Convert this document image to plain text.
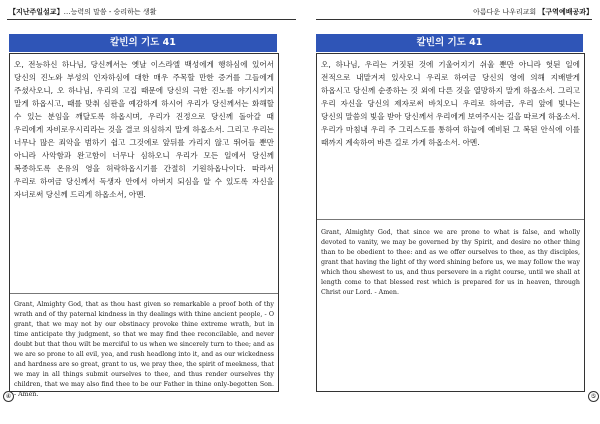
【지난주일설교】…능력의 말씀 - 승리하는 생활
칼빈의 기도 41
오, 전능하신 하나님, 당신께서는 옛날 이스라엘 백성에게 행하심에 있어서 당신의 진노와 부성의 인자하심에 대한 매우 주목할 만한 증거를 그들에게 주셨사오니, 오 하나님, 우리의 고집 때문에 당신의 극한 진노를 야기시키지 말게 하옵시고, 때를 맞춰 심판을 예감하게 하시어 우리가 당신께서는 화해할 수 있는 분임을 깨달도록 하옵시며, 우리가 진정으로 당신께 돌아갈 때 우리에게 자비로우시리라는 것을 결코 의심하지 말게 하옵소서. 그리고 우리는 너무나 많은 죄악을 범하기 쉽고 그것에로 앞뒤를 가리지 않고 뛰어들 뿐만 아니라 사악함과 완고함이 너무나 심하오니 우리가 모든 일에서 당신께 복종하도록 온유의 영을 허락하옵시기를 간절히 기원하옵나이다. 따라서 우리로 하여금 당신께서 독생자 안에서 아버지 되심을 알 수 있도록 자신을 자녀로써 당신께 드리게 하옵소서, 아멘.
Grant, Almighty God, that as thou hast given so remarkable a proof both of thy wrath and of thy paternal kindness in thy dealings with thine ancient people, - O grant, that we may not by our obstinacy provoke thine extreme wrath, but in time anticipate thy judgment, so that we may find thee reconcilable, and never doubt but that thou wilt be merciful to us when we sincerely turn to thee; and as we are so prone to all evil, yea, and rush headlong into it, and as our wickedness and hardness are so great, grant to us, we pray thee, the spirit of meekness, that we may in all things submit ourselves to thee, and thus render ourselves thy children, that we may also find thee to be our Father in thine only-begotten Son. - Amen.
④
아름다운 나우리교회 【구역예배공과】
칼빈의 기도 41
오, 하나님, 우리는 거짓된 것에 기울어지기 쉬울 뿐만 아니라 헛된 일에 전적으로 내맡겨져 있사오니 우리로 하여금 당신의 영에 의해 지배받게 하옵시고 당신께 순종하는 것 외에 다른 것을 열망하지 말게 하옵소서. 그리고 우리 자신을 당신의 제자로써 바치오니 우리로 하여금, 우리 앞에 빛나는 당신의 말씀의 빛을 받아 당신께서 우리에게 보여주시는 길을 따르게 하옵소서. 우리가 마침내 우리 주 그리스도를 통하여 하늘에 예비된 그 복된 안식에 이를 때까지 계속하여 바른 길로 가게 하옵소서. 아멘.
Grant, Almighty God, that since we are prone to what is false, and wholly devoted to vanity, we may be governed by thy Spirit, and desire no other thing than to be obedient to thee: and as we offer ourselves to thee, as thy disciples, grant that having the light of thy word shining before us, we may follow the way which thou shewest to us, and thus persevere in a right course, until we shall at length come to that blessed rest which is prepared for us in heaven, through Christ our Lord. - Amen.
⑤
